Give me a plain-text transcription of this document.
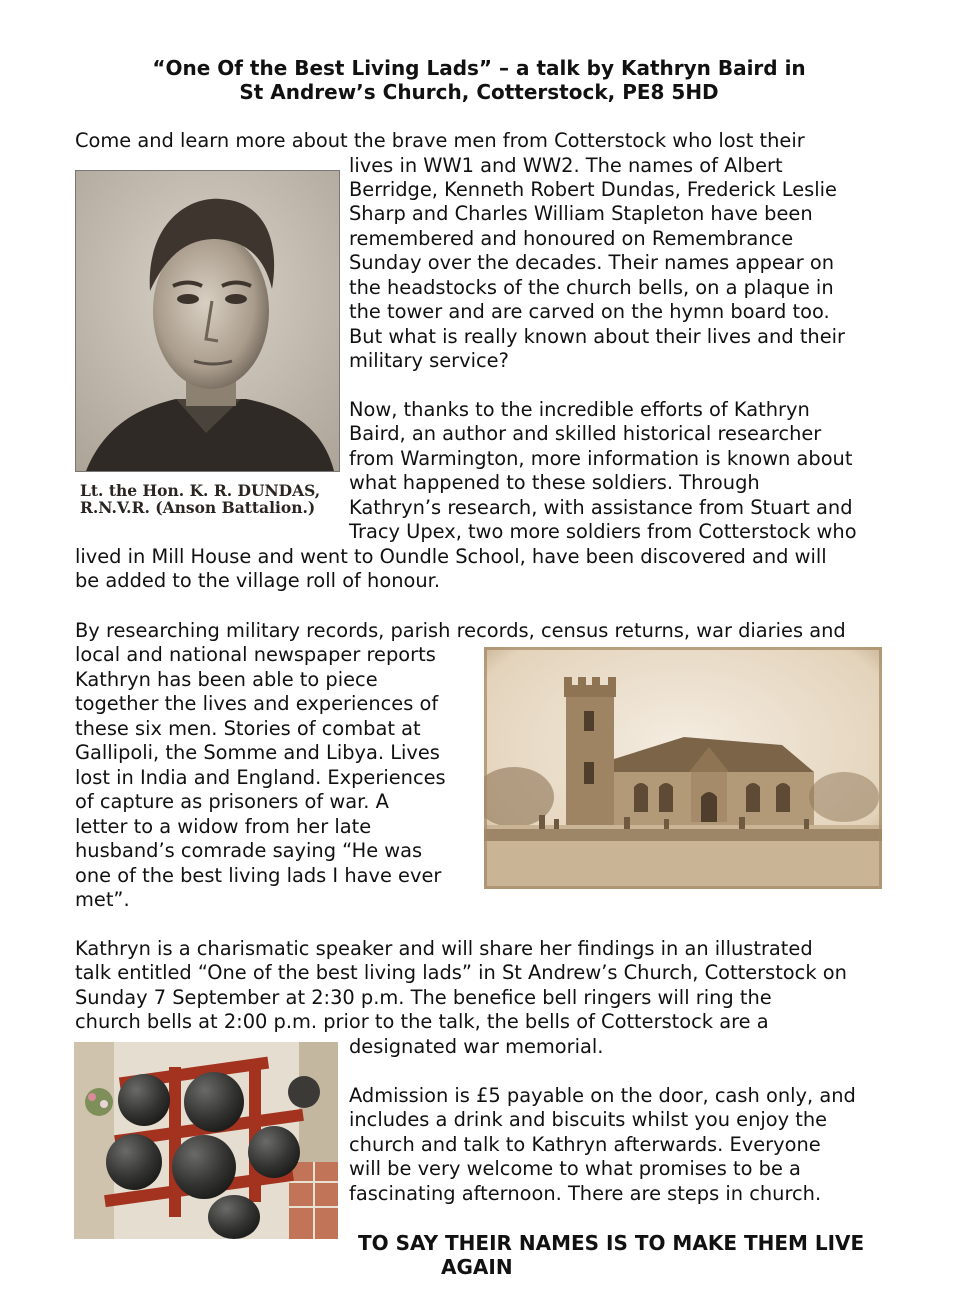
“One Of the Best Living Lads” – a talk by Kathryn Baird in
St Andrew’s Church, Cotterstock, PE8 5HD
Come and learn more about the brave men from Cotterstock who lost their
lives in WW1 and WW2. The names of Albert
Berridge, Kenneth Robert Dundas, Frederick Leslie
Sharp and Charles William Stapleton have been
remembered and honoured on Remembrance
Sunday over the decades. Their names appear on
the headstocks of the church bells, on a plaque in
the tower and are carved on the hymn board too.
But what is really known about their lives and their
military service?
Lt. the Hon. K. R. DUNDAS,
R.N.V.R. (Anson Battalion.)
Now, thanks to the incredible efforts of Kathryn
Baird, an author and skilled historical researcher
from Warmington, more information is known about
what happened to these soldiers. Through
Kathryn’s research, with assistance from Stuart and
Tracy Upex, two more soldiers from Cotterstock who
lived in Mill House and went to Oundle School, have been discovered and will
be added to the village roll of honour.
By researching military records, parish records, census returns, war diaries and
local and national newspaper reports
Kathryn has been able to piece
together the lives and experiences of
these six men. Stories of combat at
Gallipoli, the Somme and Libya. Lives
lost in India and England. Experiences
of capture as prisoners of war. A
letter to a widow from her late
husband’s comrade saying “He was
one of the best living lads I have ever
met”.
Kathryn is a charismatic speaker and will share her findings in an illustrated
talk entitled “One of the best living lads” in St Andrew’s Church, Cotterstock on
Sunday 7 September at 2:30 p.m. The benefice bell ringers will ring the
church bells at 2:00 p.m. prior to the talk, the bells of Cotterstock are a
designated war memorial.
Admission is £5 payable on the door, cash only, and
includes a drink and biscuits whilst you enjoy the
church and talk to Kathryn afterwards. Everyone
will be very welcome to what promises to be a
fascinating afternoon. There are steps in church.
TO SAY THEIR NAMES IS TO MAKE THEM LIVE
AGAIN
